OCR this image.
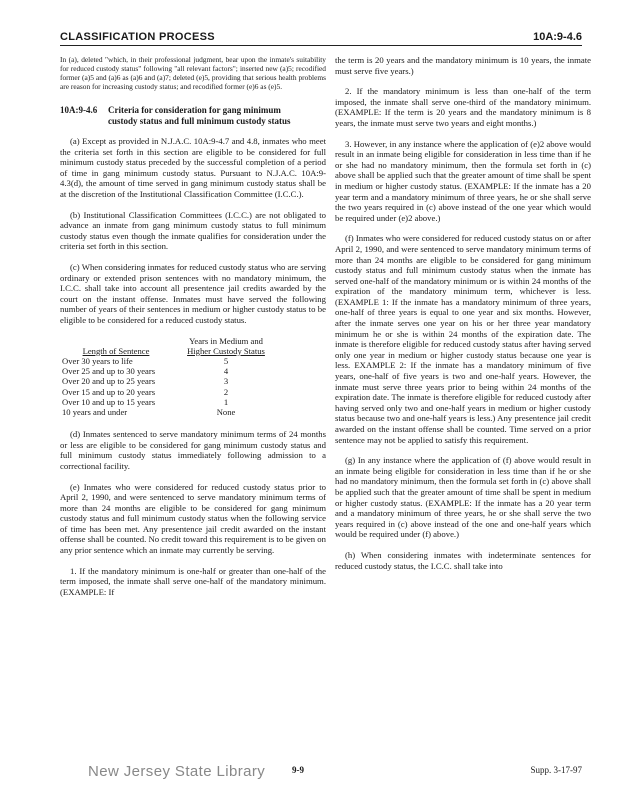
CLASSIFICATION PROCESS	10A:9-4.6
In (a), deleted "which, in their professional judgment, bear upon the inmate's suitability for reduced custody status" following "all relevant factors"; inserted new (a)5; recodified former (a)5 and (a)6 as (a)6 and (a)7; deleted (e)5, providing that serious health problems are reason for increasing custody status; and recodified former (e)6 as (e)5.
10A:9-4.6 Criteria for consideration for gang minimum
custody status and full minimum custody status
(a) Except as provided in N.J.A.C. 10A:9-4.7 and 4.8, inmates who meet the criteria set forth in this section are eligible to be considered for full minimum custody status preceded by the successful completion of a period of time in gang minimum custody status. Pursuant to N.J.A.C. 10A:9-4.3(d), the amount of time served in gang minimum custody status shall be at the discretion of the Institutional Classification Committee (I.C.C.).
(b) Institutional Classification Committees (I.C.C.) are not obligated to advance an inmate from gang minimum custody status to full minimum custody status even though the inmate qualifies for consideration under the criteria set forth in this section.
(c) When considering inmates for reduced custody status who are serving ordinary or extended prison sentences with no mandatory minimum, the I.C.C. shall take into account all presentence jail credits awarded by the court on the instant offense. Inmates must have served the following number of years of their sentences in medium or higher custody status to be eligible to be considered for a reduced custody status.
Length of Sentence	Years in Medium and
Higher Custody Status
Over 30 years to life	5
Over 25 and up to 30 years	4
Over 20 and up to 25 years	3
Over 15 and up to 20 years	2
Over 10 and up to 15 years	1
10 years and under	None
(d) Inmates sentenced to serve mandatory minimum terms of 24 months or less are eligible to be considered for gang minimum custody status and full minimum custody status immediately following admission to a correctional facility.
(e) Inmates who were considered for reduced custody status prior to April 2, 1990, and were sentenced to serve mandatory minimum terms of more than 24 months are eligible to be considered for gang minimum custody status and full minimum custody status when the following service of time has been met. Any presentence jail credit awarded on the instant offense shall be counted. No credit toward this requirement is to be given on any prior sentence which an inmate may currently be serving.
1. If the mandatory minimum is one-half or greater than one-half of the term imposed, the inmate shall serve one-half of the mandatory minimum. (EXAMPLE: If
the term is 20 years and the mandatory minimum is 10 years, the inmate must serve five years.)
2. If the mandatory minimum is less than one-half of the term imposed, the inmate shall serve one-third of the mandatory minimum. (EXAMPLE: If the term is 20 years and the mandatory minimum is 8 years, the inmate must serve two years and eight months.)
3. However, in any instance where the application of (e)2 above would result in an inmate being eligible for consideration in less time than if he or she had no mandatory minimum, then the formula set forth in (c) above shall be applied such that the greater amount of time shall be spent in medium or higher custody status. (EXAMPLE: If the inmate has a 20 year term and a mandatory minimum of three years, he or she shall serve the two years required in (c) above instead of the one year which would be required under (e)2 above.)
(f) Inmates who were considered for reduced custody status on or after April 2, 1990, and were sentenced to serve mandatory minimum terms of more than 24 months are eligible to be considered for gang minimum custody status and full minimum custody status when the inmate has served one-half of the mandatory minimum or is within 24 months of the expiration of the mandatory minimum term, whichever is less. (EXAMPLE 1: If the inmate has a mandatory minimum of three years, one-half of three years is equal to one year and six months. However, after the inmate serves one year on his or her three year mandatory minimum he or she is within 24 months of the expiration date. The inmate is therefore eligible for reduced custody status after having served only one year in medium or higher custody status because one year is less. EXAMPLE 2: If the inmate has a mandatory minimum of five years, one-half of five years is two and one-half years. However, the inmate must serve three years prior to being within 24 months of the expiration date. The inmate is therefore eligible for reduced custody after having served only two and one-half years in medium or higher custody status because two and one-half years is less.) Any presentence jail credit awarded on the instant offense shall be counted. Time served on a prior sentence may not be applied to satisfy this requirement.
(g) In any instance where the application of (f) above would result in an inmate being eligible for consideration in less time than if he or she had no mandatory minimum, then the formula set forth in (c) above shall be applied such that the greater amount of time shall be spent in medium or higher custody status. (EXAMPLE: If the inmate has a 20 year term and a mandatory minimum of three years, he or she shall serve the two years required in (c) above instead of the one and one-half years which would be required under (f) above.)
(h) When considering inmates with indeterminate sentences for reduced custody status, the I.C.C. shall take into
New Jersey State Library	9-9	Supp. 3-17-97
